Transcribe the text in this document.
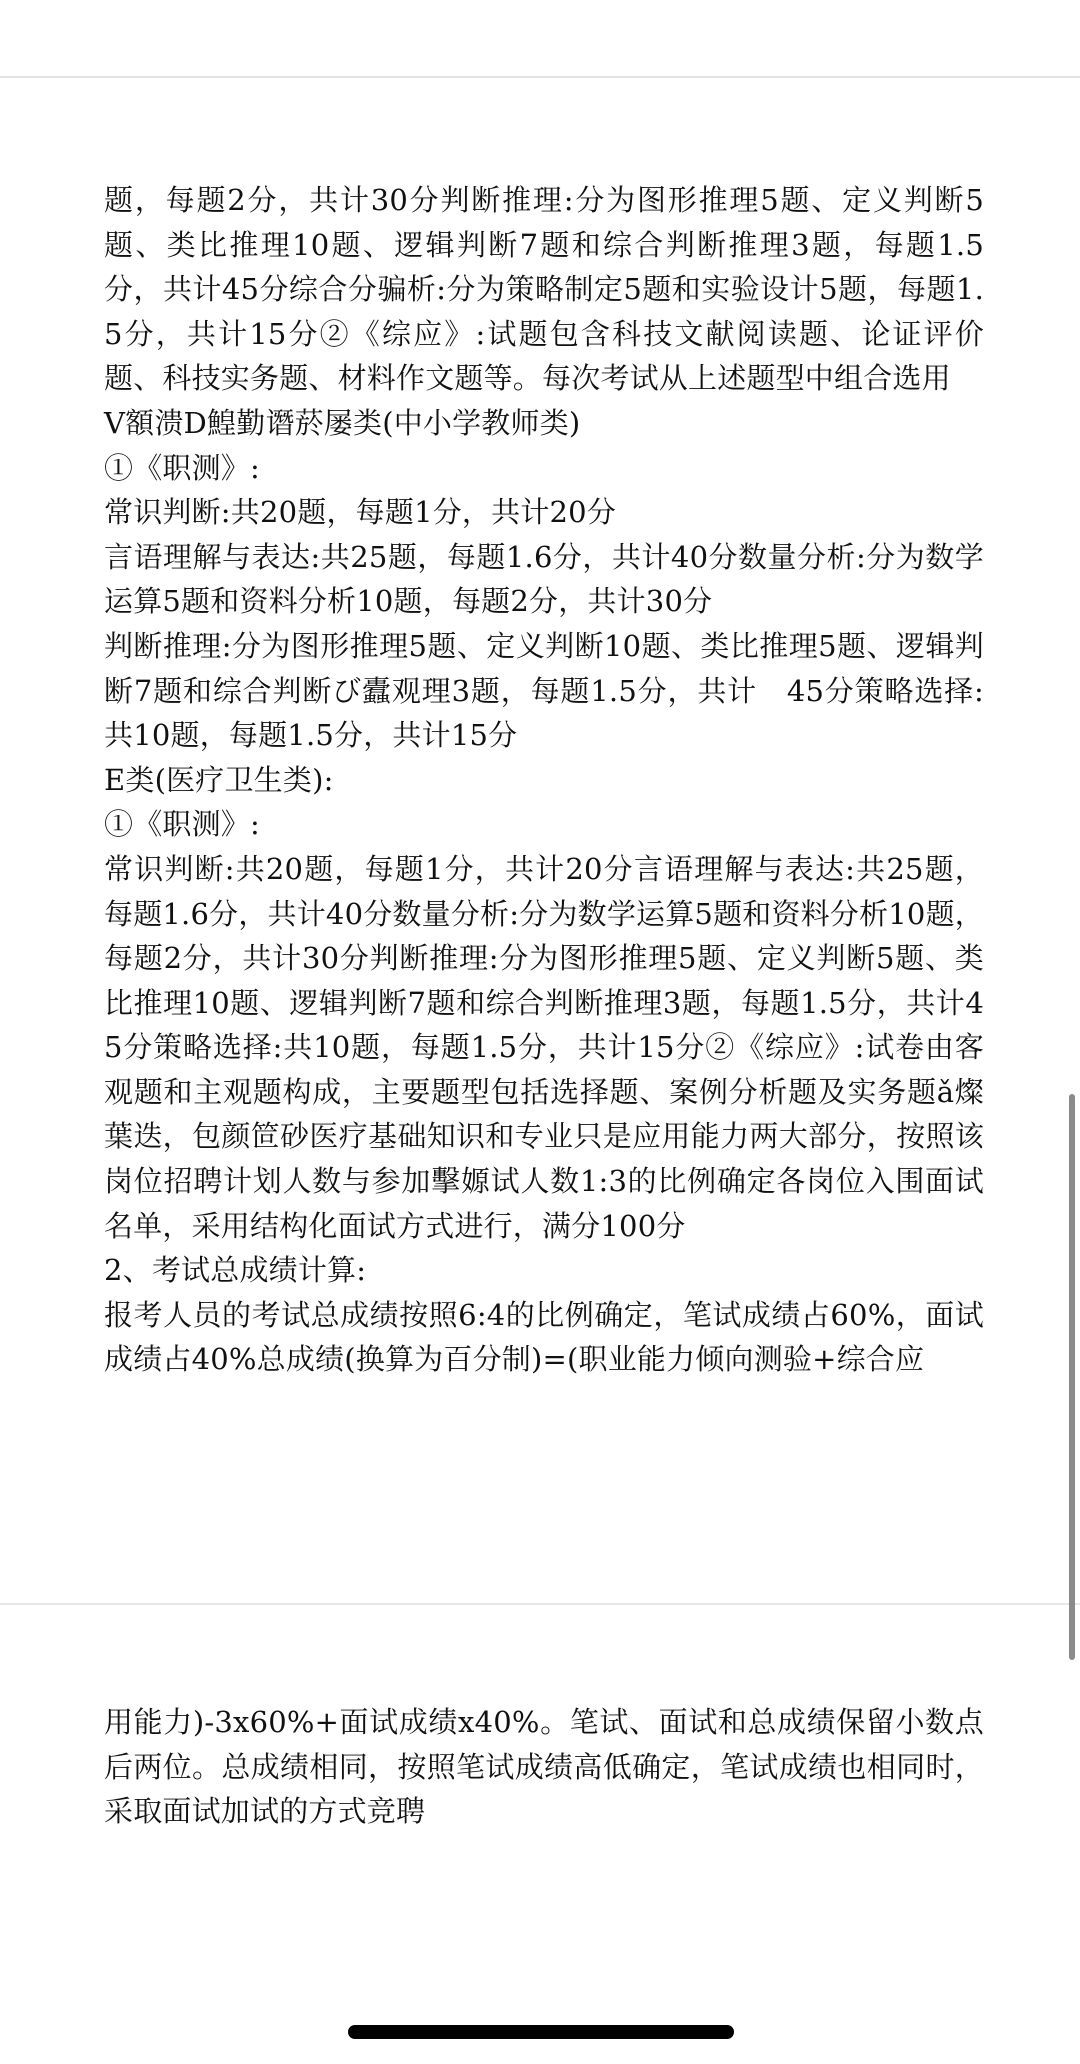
题，每题2分，共计30分判断推理:分为图形推理5题、定义判断5题、类比推理10题、逻辑判断7题和综合判断推理3题，每题1.5分，共计45分综合分骗析:分为策略制定5题和实验设计5题，每题1.5分，共计15分②《综应》:试题包含科技文献阅读题、论证评价题、科技实务题、材料作文题等。每次考试从上述题型中组合选用

V額溃D鰉勤谮菸屡类(中小学教师类)

①《职测》:

常识判断:共20题，每题1分，共计20分

言语理解与表达:共25题，每题1.6分，共计40分数量分析:分为数学运算5题和资料分析10题，每题2分，共计30分

判断推理:分为图形推理5题、定义判断10题、类比推理5题、逻辑判断7题和综合判断び蠹观理3题，每题1.5分，共计　45分策略选择:共10题，每题1.5分，共计15分

E类(医疗卫生类):

①《职测》:

常识判断:共20题，每题1分，共计20分言语理解与表达:共25题，每题1.6分，共计40分数量分析:分为数学运算5题和资料分析10题，每题2分，共计30分判断推理:分为图形推理5题、定义判断5题、类比推理10题、逻辑判断7题和综合判断推理3题，每题1.5分，共计45分策略选择:共10题，每题1.5分，共计15分②《综应》:试卷由客观题和主观题构成，主要题型包括选择题、案例分析题及实务题ǎ燦葉迭，包颜笸砂医疗基础知识和专业只是应用能力两大部分，按照该岗位招聘计划人数与参加擊嫄试人数1:3的比例确定各岗位入围面试名单，采用结构化面试方式进行，满分100分

2、考试总成绩计算:

报考人员的考试总成绩按照6:4的比例确定，笔试成绩占60%，面试成绩占40%总成绩(换算为百分制)=(职业能力倾向测验+综合应

用能力)-3x60%+面试成绩x40%。笔试、面试和总成绩保留小数点后两位。总成绩相同，按照笔试成绩高低确定，笔试成绩也相同时，采取面试加试的方式竞聘
